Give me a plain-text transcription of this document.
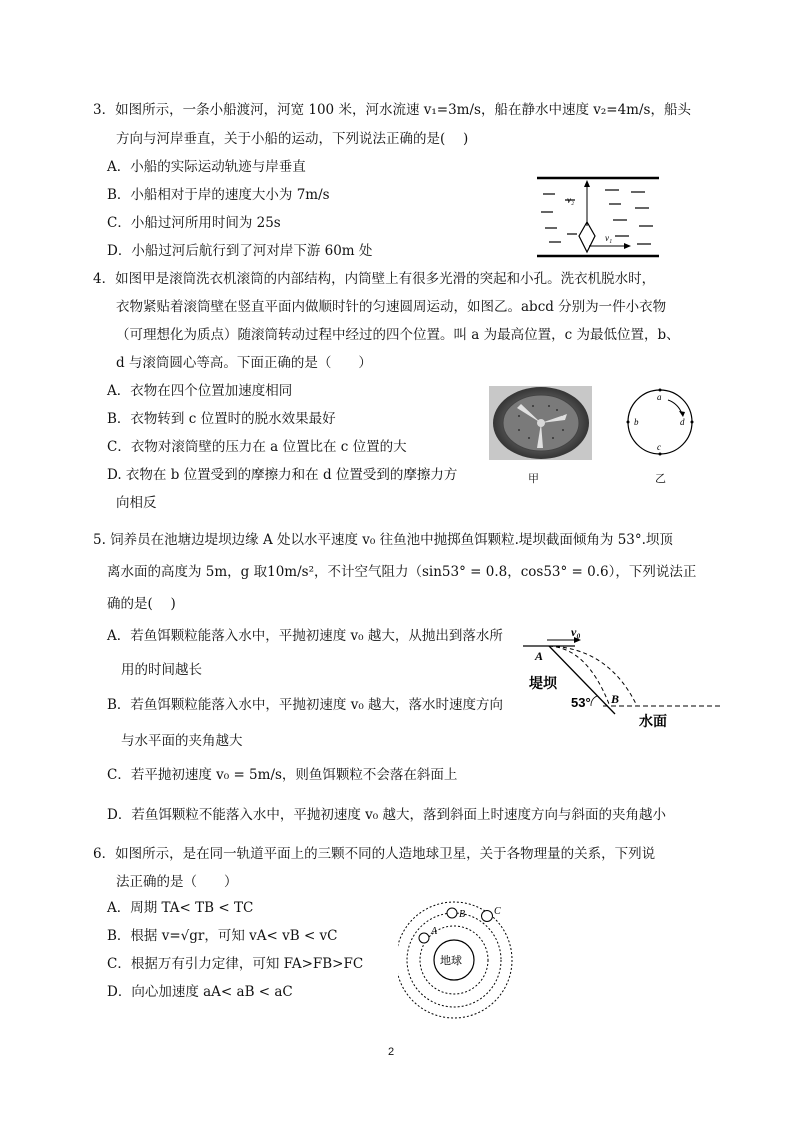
3．如图所示，一条小船渡河，河宽 100 米，河水流速 v₁=3m/s，船在静水中速度 v₂=4m/s，船头
方向与河岸垂直，关于小船的运动，下列说法正确的是(　 )
A．小船的实际运动轨迹与岸垂直
B．小船相对于岸的速度大小为 7m/s
C．小船过河所用时间为 25s
D．小船过河后航行到了河对岸下游 60m 处
v₂
v₁
4．如图甲是滚筒洗衣机滚筒的内部结构，内筒壁上有很多光滑的突起和小孔。洗衣机脱水时，
衣物紧贴着滚筒壁在竖直平面内做顺时针的匀速圆周运动，如图乙。abcd 分别为一件小衣物
（可理想化为质点）随滚筒转动过程中经过的四个位置。叫 a 为最高位置，c 为最低位置，b、
d 与滚筒圆心等高。下面正确的是（　　）
A．衣物在四个位置加速度相同
B．衣物转到 c 位置时的脱水效果最好
C．衣物对滚筒壁的压力在 a 位置比在 c 位置的大
D. 衣物在 b 位置受到的摩擦力和在 d 位置受到的摩擦力方
向相反
a
b
c
d
甲	乙
5. 饲养员在池塘边堤坝边缘 A 处以水平速度 v₀ 往鱼池中抛掷鱼饵颗粒.堤坝截面倾角为 53°.坝顶
离水面的高度为 5m，g 取10m/s²，不计空气阻力（sin53° = 0.8，cos53° = 0.6），下列说法正
确的是(　 )
A．若鱼饵颗粒能落入水中，平抛初速度 v₀ 越大，从抛出到落水所
用的时间越长
B．若鱼饵颗粒能落入水中，平抛初速度 v₀ 越大，落水时速度方向
与水平面的夹角越大
C．若平抛初速度 v₀ = 5m/s，则鱼饵颗粒不会落在斜面上
D．若鱼饵颗粒不能落入水中，平抛初速度 v₀ 越大，落到斜面上时速度方向与斜面的夹角越小
v₀
A
B
堤坝
53°
水面
6．如图所示，是在同一轨道平面上的三颗不同的人造地球卫星，关于各物理量的关系，下列说
法正确的是（　　）
A．周期 TA< TB < TC
B．根据 v=√gr，可知 vA< vB < vC
C．根据万有引力定律，可知 FA>FB>FC
D．向心加速度 aA< aB < aC
地球
A
B	C
2
